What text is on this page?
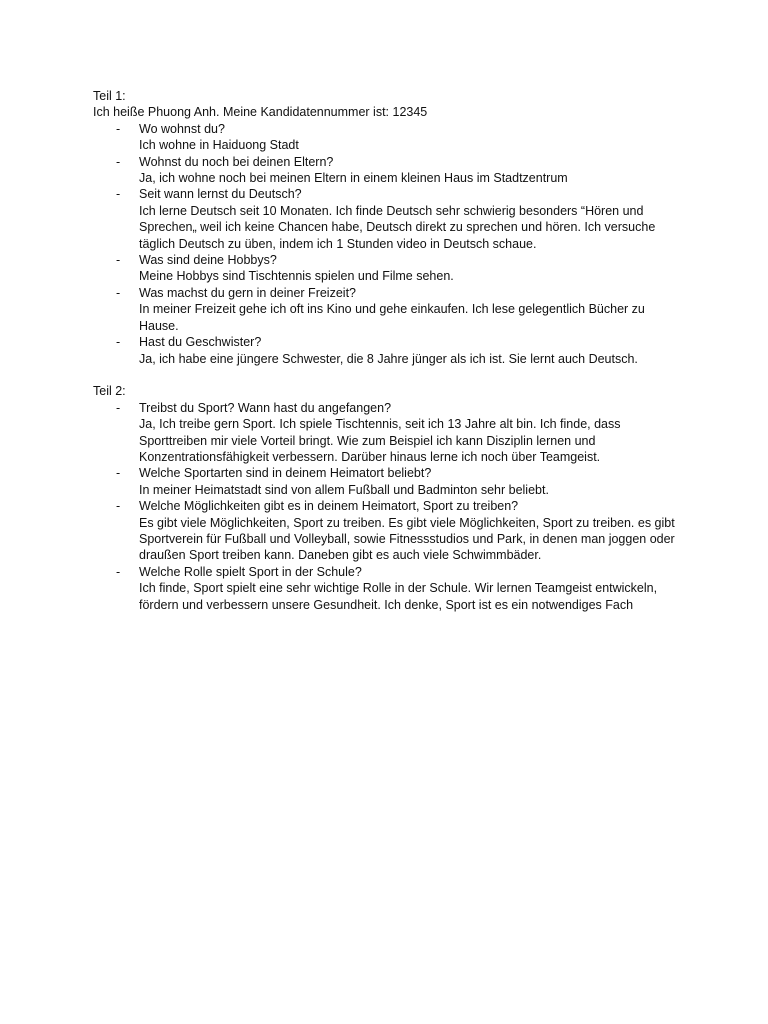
Teil 1:

Ich heiße Phuong Anh. Meine Kandidatennummer ist: 12345

- Wo wohnst du?
Ich wohne in Haiduong Stadt
- Wohnst du noch bei deinen Eltern?
Ja, ich wohne noch bei meinen Eltern in einem kleinen Haus im Stadtzentrum
- Seit wann lernst du Deutsch?
Ich lerne Deutsch seit 10 Monaten. Ich finde Deutsch sehr schwierig besonders “Hören und Sprechen„ weil ich keine Chancen habe, Deutsch direkt zu sprechen und hören. Ich versuche täglich Deutsch zu üben, indem ich 1 Stunden video in Deutsch schaue.
- Was sind deine Hobbys?
Meine Hobbys sind Tischtennis spielen und Filme sehen.
- Was machst du gern in deiner Freizeit?
In meiner Freizeit gehe ich oft ins Kino und gehe einkaufen. Ich lese gelegentlich Bücher zu Hause.
- Hast du Geschwister?
Ja, ich habe eine jüngere Schwester, die 8 Jahre jünger als ich ist. Sie lernt auch Deutsch.

Teil 2:

- Treibst du Sport? Wann hast du angefangen?
Ja, Ich treibe gern Sport. Ich spiele Tischtennis, seit ich 13 Jahre alt bin. Ich finde, dass Sporttreiben mir viele Vorteil bringt. Wie zum Beispiel ich kann Disziplin lernen und Konzentrationsfähigkeit verbessern. Darüber hinaus lerne ich noch über Teamgeist.
- Welche Sportarten sind in deinem Heimatort beliebt?
In meiner Heimatstadt sind von allem Fußball und Badminton sehr beliebt.
- Welche Möglichkeiten gibt es in deinem Heimatort, Sport zu treiben?
Es gibt viele Möglichkeiten, Sport zu treiben. Es gibt viele Möglichkeiten, Sport zu treiben. es gibt Sportverein für Fußball und Volleyball, sowie Fitnessstudios und Park, in denen man joggen oder draußen Sport treiben kann. Daneben gibt es auch viele Schwimmbäder.
- Welche Rolle spielt Sport in der Schule?
Ich finde, Sport spielt eine sehr wichtige Rolle in der Schule. Wir lernen Teamgeist entwickeln, fördern und verbessern unsere Gesundheit. Ich denke, Sport ist es ein notwendiges Fach
